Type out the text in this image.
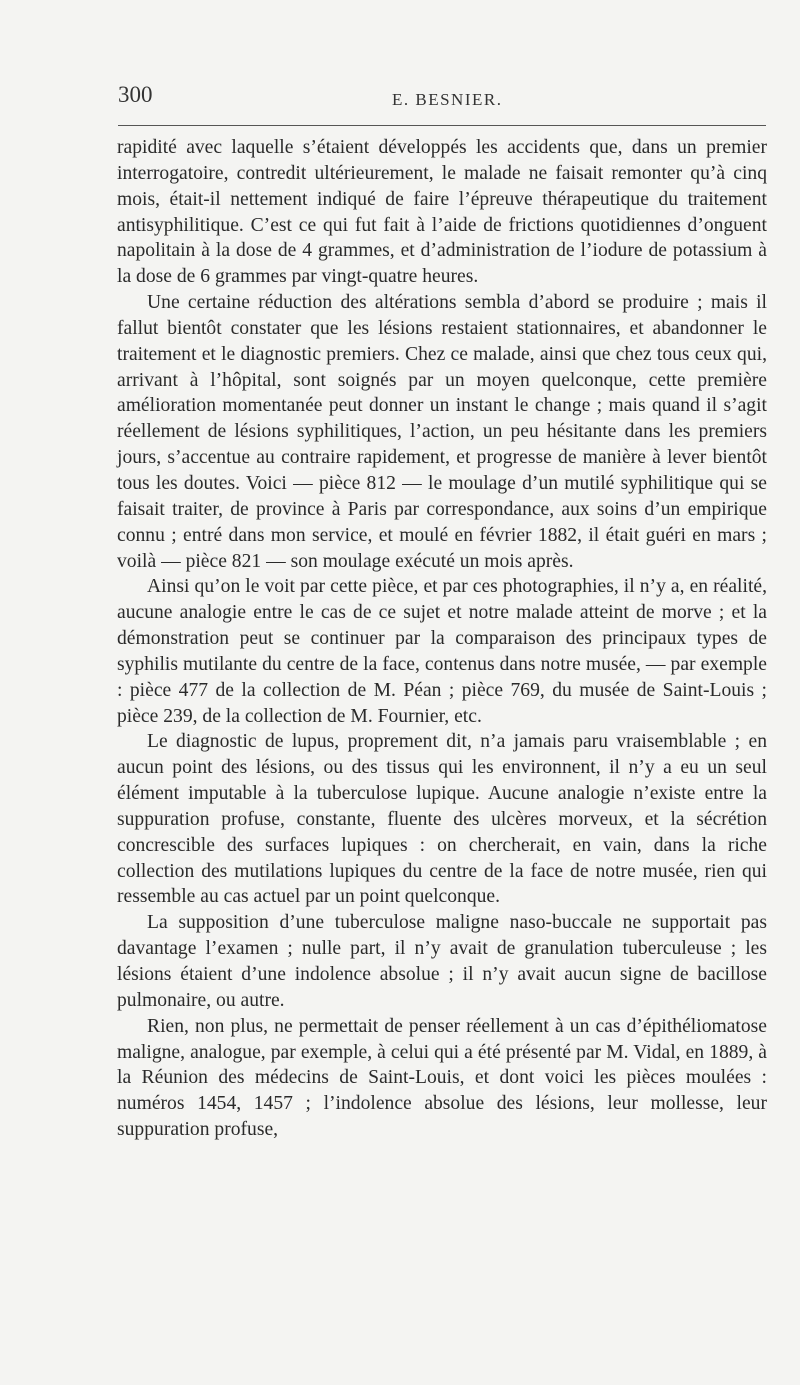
300	E. BESNIER.

rapidité avec laquelle s’étaient développés les accidents que, dans un premier interrogatoire, contredit ultérieurement, le malade ne faisait remonter qu’à cinq mois, était-il nettement indiqué de faire l’épreuve thérapeutique du traitement antisyphilitique. C’est ce qui fut fait à l’aide de frictions quotidiennes d’onguent napolitain à la dose de 4 grammes, et d’administration de l’iodure de potassium à la dose de 6 grammes par vingt-quatre heures.

Une certaine réduction des altérations sembla d’abord se produire ; mais il fallut bientôt constater que les lésions restaient stationnaires, et abandonner le traitement et le diagnostic premiers. Chez ce malade, ainsi que chez tous ceux qui, arrivant à l’hôpital, sont soignés par un moyen quelconque, cette première amélioration momentanée peut donner un instant le change ; mais quand il s’agit réellement de lésions syphilitiques, l’action, un peu hésitante dans les premiers jours, s’accentue au contraire rapidement, et progresse de manière à lever bientôt tous les doutes. Voici — pièce 812 — le moulage d’un mutilé syphilitique qui se faisait traiter, de province à Paris par correspondance, aux soins d’un empirique connu ; entré dans mon service, et moulé en février 1882, il était guéri en mars ; voilà — pièce 821 — son moulage exécuté un mois après.

Ainsi qu’on le voit par cette pièce, et par ces photographies, il n’y a, en réalité, aucune analogie entre le cas de ce sujet et notre malade atteint de morve ; et la démonstration peut se continuer par la comparaison des principaux types de syphilis mutilante du centre de la face, contenus dans notre musée, — par exemple : pièce 477 de la collection de M. Péan ; pièce 769, du musée de Saint-Louis ; pièce 239, de la collection de M. Fournier, etc.

Le diagnostic de lupus, proprement dit, n’a jamais paru vraisemblable ; en aucun point des lésions, ou des tissus qui les environnent, il n’y a eu un seul élément imputable à la tuberculose lupique. Aucune analogie n’existe entre la suppuration profuse, constante, fluente des ulcères morveux, et la sécrétion concrescible des surfaces lupiques : on chercherait, en vain, dans la riche collection des mutilations lupiques du centre de la face de notre musée, rien qui ressemble au cas actuel par un point quelconque.

La supposition d’une tuberculose maligne naso-buccale ne supportait pas davantage l’examen ; nulle part, il n’y avait de granulation tuberculeuse ; les lésions étaient d’une indolence absolue ; il n’y avait aucun signe de bacillose pulmonaire, ou autre.

Rien, non plus, ne permettait de penser réellement à un cas d’épithéliomatose maligne, analogue, par exemple, à celui qui a été présenté par M. Vidal, en 1889, à la Réunion des médecins de Saint-Louis, et dont voici les pièces moulées : numéros 1454, 1457 ; l’indolence absolue des lésions, leur mollesse, leur suppuration profuse,
